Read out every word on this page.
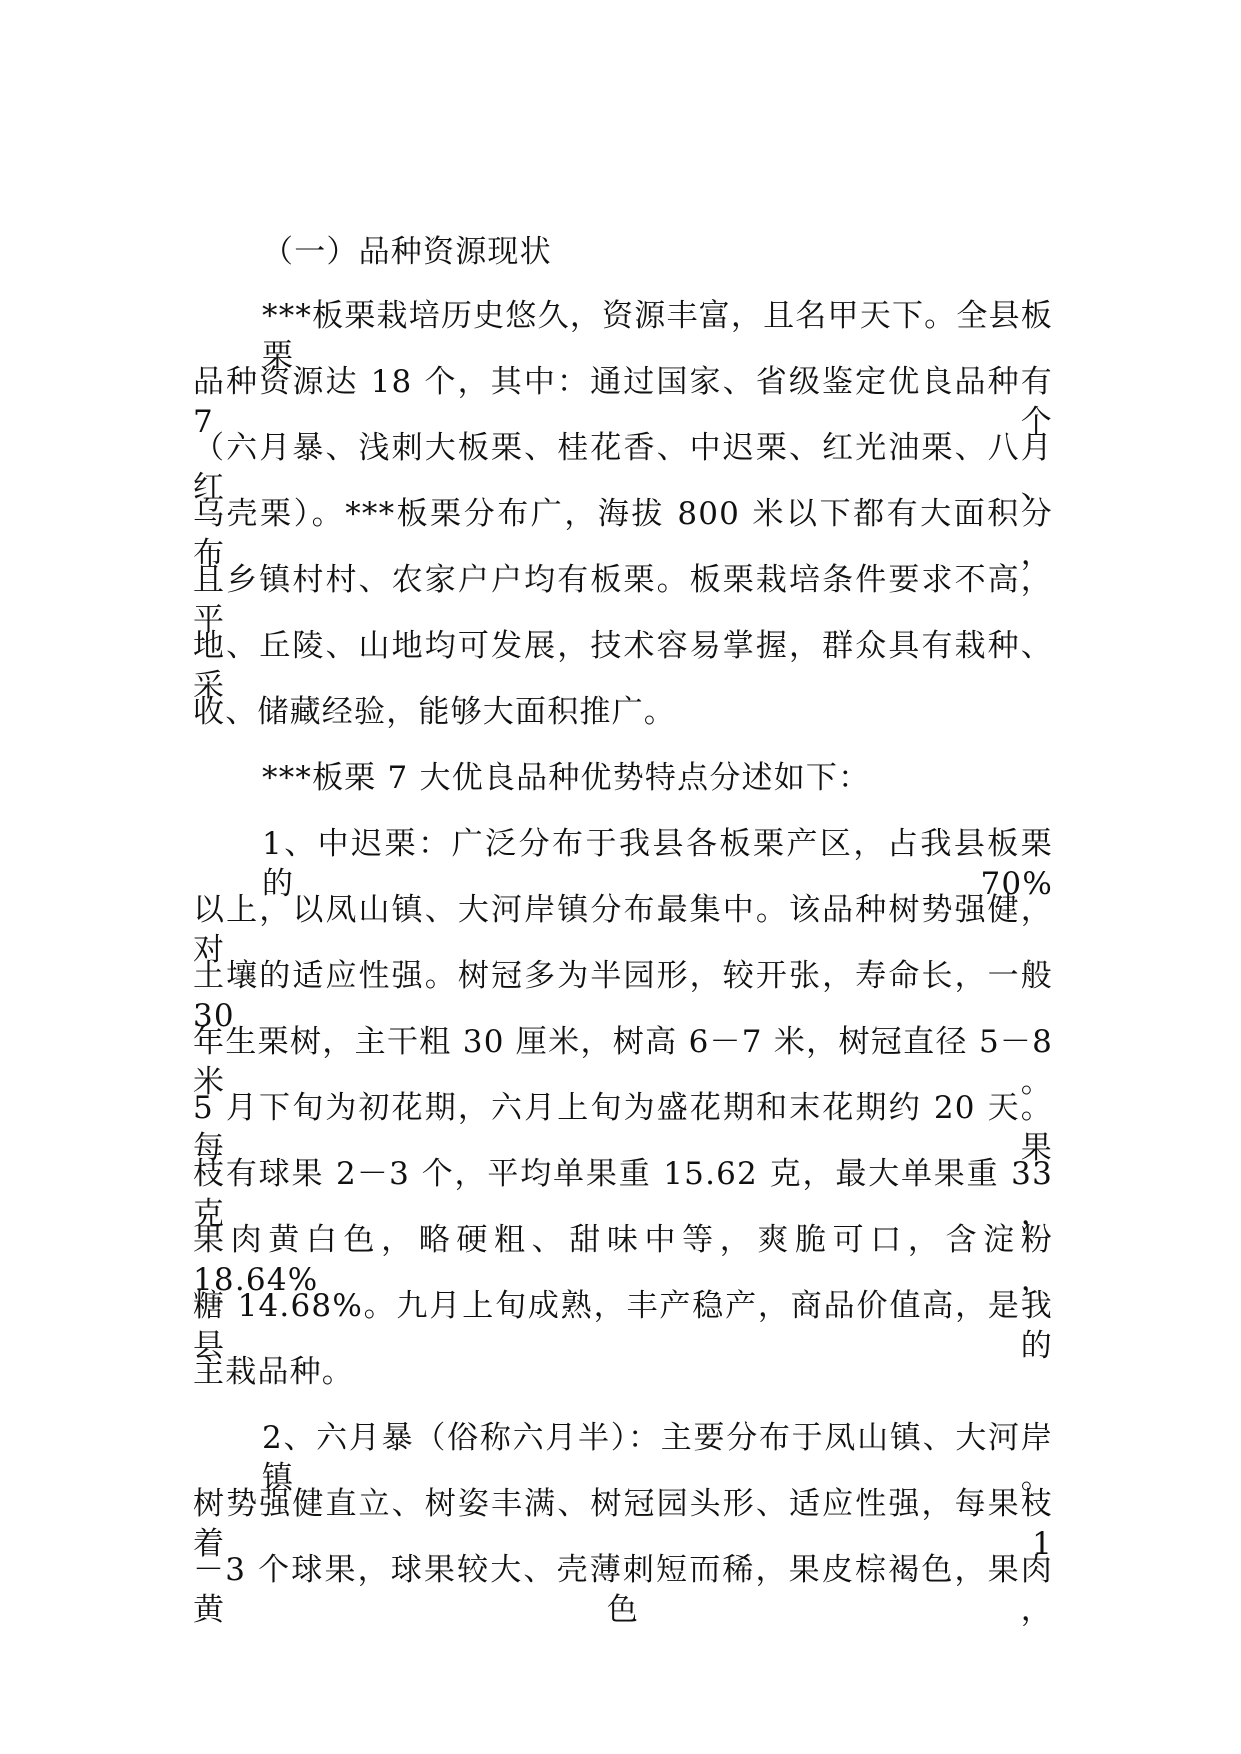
（一）品种资源现状
***板栗栽培历史悠久，资源丰富，且名甲天下。全县板栗
品种资源达 18 个，其中：通过国家、省级鉴定优良品种有 7 个
（六月暴、浅刺大板栗、桂花香、中迟栗、红光油栗、八月红、
乌壳栗）。***板栗分布广，海拔 800 米以下都有大面积分布，
且乡镇村村、农家户户均有板栗。板栗栽培条件要求不高，平
地、丘陵、山地均可发展，技术容易掌握，群众具有栽种、采
收、储藏经验，能够大面积推广。
***板栗 7 大优良品种优势特点分述如下：
1、中迟栗：广泛分布于我县各板栗产区，占我县板栗的 70%
以上，以凤山镇、大河岸镇分布最集中。该品种树势强健，对
土壤的适应性强。树冠多为半园形，较开张，寿命长，一般 30
年生栗树，主干粗 30 厘米，树高 6－7 米，树冠直径 5－8 米。
5 月下旬为初花期，六月上旬为盛花期和末花期约 20 天。每果
枝有球果 2－3 个，平均单果重 15.62 克，最大单果重 33 克，
果肉黄白色，略硬粗、甜味中等，爽脆可口，含淀粉 18.64%，
糖 14.68%。九月上旬成熟，丰产稳产，商品价值高，是我县的
主栽品种。
2、六月暴（俗称六月半）：主要分布于凤山镇、大河岸镇。
树势强健直立、树姿丰满、树冠园头形、适应性强，每果枝着 1
－3 个球果，球果较大、壳薄刺短而稀，果皮棕褐色，果肉黄色，
